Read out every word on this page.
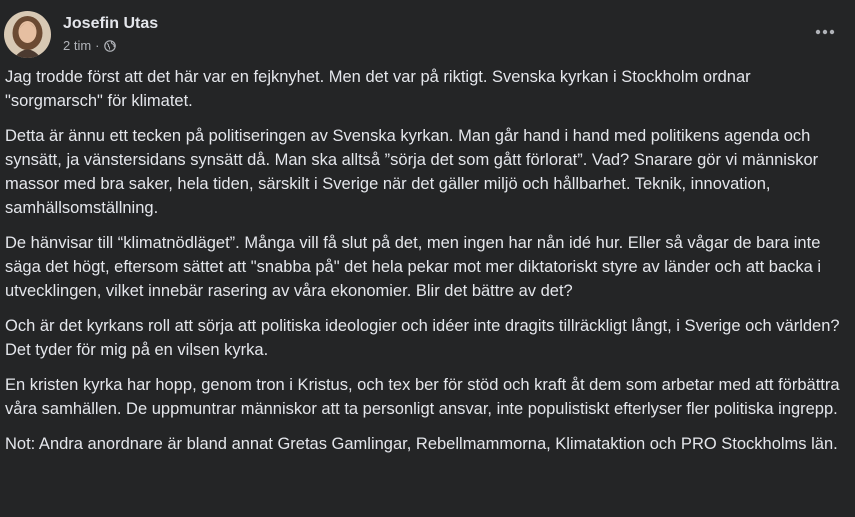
Josefin Utas
2 tim ·

Jag trodde först att det här var en fejknyhet. Men det var på riktigt. Svenska kyrkan i Stockholm ordnar "sorgmarsch" för klimatet.

Detta är ännu ett tecken på politiseringen av Svenska kyrkan. Man går hand i hand med politikens agenda och synsätt, ja vänstersidans synsätt då. Man ska alltså ”sörja det som gått förlorat”. Vad? Snarare gör vi människor massor med bra saker, hela tiden, särskilt i Sverige när det gäller miljö och hållbarhet. Teknik, innovation, samhällsomställning.

De hänvisar till “klimatnödläget”. Många vill få slut på det, men ingen har nån idé hur. Eller så vågar de bara inte säga det högt, eftersom sättet att "snabba på" det hela pekar mot mer diktatoriskt styre av länder och att backa i utvecklingen, vilket innebär rasering av våra ekonomier. Blir det bättre av det?

Och är det kyrkans roll att sörja att politiska ideologier och idéer inte dragits tillräckligt långt, i Sverige och världen? Det tyder för mig på en vilsen kyrka.

En kristen kyrka har hopp, genom tron i Kristus, och tex ber för stöd och kraft åt dem som arbetar med att förbättra våra samhällen. De uppmuntrar människor att ta personligt ansvar, inte populistiskt efterlyser fler politiska ingrepp.

Not: Andra anordnare är bland annat Gretas Gamlingar, Rebellmammorna, Klimataktion och PRO Stockholms län.
